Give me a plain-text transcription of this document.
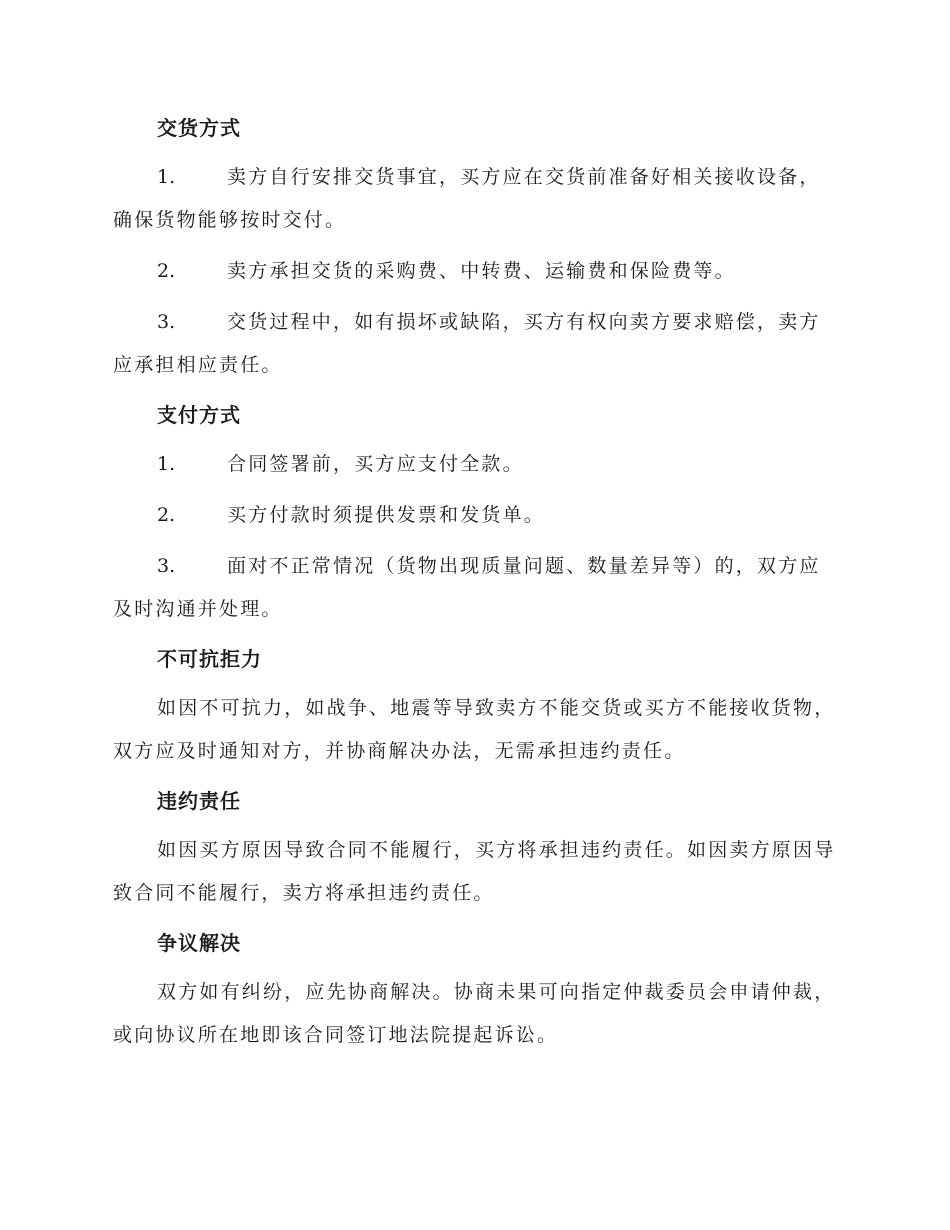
交货方式
1.	卖方自行安排交货事宜，买方应在交货前准备好相关接收设备，确保货物能够按时交付。
2.	卖方承担交货的采购费、中转费、运输费和保险费等。
3.	交货过程中，如有损坏或缺陷，买方有权向卖方要求赔偿，卖方应承担相应责任。
支付方式
1.	合同签署前，买方应支付全款。
2.	买方付款时须提供发票和发货单。
3.	面对不正常情况（货物出现质量问题、数量差异等）的，双方应及时沟通并处理。
不可抗拒力
如因不可抗力，如战争、地震等导致卖方不能交货或买方不能接收货物，双方应及时通知对方，并协商解决办法，无需承担违约责任。
违约责任
如因买方原因导致合同不能履行，买方将承担违约责任。如因卖方原因导致合同不能履行，卖方将承担违约责任。
争议解决
双方如有纠纷，应先协商解决。协商未果可向指定仲裁委员会申请仲裁，或向协议所在地即该合同签订地法院提起诉讼。
